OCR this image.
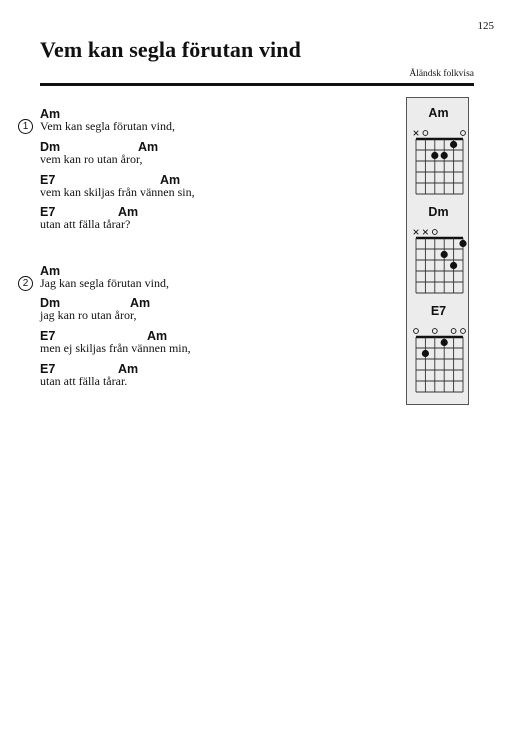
125
Vem kan segla förutan vind
Åländsk folkvisa
1
Am
Vem kan segla förutan vind,
Dm	Am
vem kan ro utan åror,
E7	Am
vem kan skiljas från vännen sin,
E7	Am
utan att fälla tårar?
2
Am
Jag kan segla förutan vind,
Dm	Am
jag kan ro utan åror,
E7	Am
men ej skiljas från vännen min,
E7	Am
utan att fälla tårar.
Am
Dm
E7
